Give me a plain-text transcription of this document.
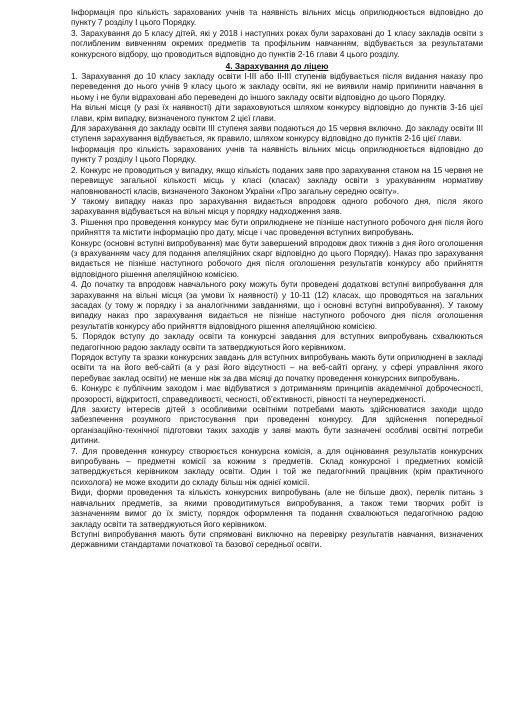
Інформація про кількість зарахованих учнів та наявність вільних місць оприлюднюється відповідно до пункту 7 розділу І цього Порядку.

3. Зарахування до 5 класу дітей, які у 2018 і наступних роках були зараховані до 1 класу закладів освіти з поглибленим вивченням окремих предметів та профільним навчанням, відбувається за результатами конкурсного відбору, що проводиться відповідно до пунктів 2-16 глави 4 цього розділу.

4. Зарахування до ліцею

1. Зарахування до 10 класу закладу освіти І-ІІІ або ІІ-ІІІ ступенів відбувається після видання наказу про переведення до нього учнів 9 класу цього ж закладу освіти, які не виявили намір припинити навчання в ньому і не були відраховані або переведені до іншого закладу освіти відповідно до цього Порядку.

На вільні місця (у разі їх наявності) діти зараховуються шляхом конкурсу відповідно до пунктів 3-16 цієї глави, крім випадку, визначеного пунктом 2 цієї глави.

Для зарахування до закладу освіти ІІІ ступеня заяви подаються до 15 червня включно. До закладу освіти ІІІ ступеня зарахування відбувається, як правило, шляхом конкурсу відповідно до пунктів 2-16 цієї глави.

Інформація про кількість зарахованих учнів та наявність вільних місць оприлюднюється відповідно до пункту 7 розділу І цього Порядку.

2. Конкурс не проводиться у випадку, якщо кількість поданих заяв про зарахування станом на 15 червня не перевищує загальної кількості місць у класі (класах) закладу освіти з урахуванням нормативу наповнюваності класів, визначеного Законом України «Про загальну середню освіту».

У такому випадку наказ про зарахування видається впродовж одного робочого дня, після якого зарахування відбувається на вільні місця у порядку надходження заяв.

3. Рішення про проведення конкурсу має бути оприлюднене не пізніше наступного робочого дня після його прийняття та містити інформацію про дату, місце і час проведення вступних випробувань.

Конкурс (основні вступні випробування) має бути завершений впродовж двох тижнів з дня його оголошення (з врахуванням часу для подання апеляційних скарг відповідно до цього Порядку). Наказ про зарахування видається не пізніше наступного робочого дня після оголошення результатів конкурсу або прийняття відповідного рішення апеляційною комісією.

4. До початку та впродовж навчального року можуть бути проведені додаткові вступні випробування для зарахування на вільні місця (за умови їх наявності) у 10-11 (12) класах, що проводяться на загальних засадах (у тому ж порядку і за аналогічними завданнями, що і основні вступні випробування). У такому випадку наказ про зарахування видається не пізніше наступного робочого дня після оголошення результатів конкурсу або прийняття відповідного рішення апеляційною комісією.

5. Порядок вступу до закладу освіти та конкурсні завдання для вступних випробувань схвалюються педагогічною радою закладу освіти та затверджуються його керівником.

Порядок вступу та зразки конкурсних завдань для вступних випробувань мають бути оприлюднені в закладі освіти та на його веб-сайті (а у разі його відсутності – на веб-сайті органу, у сфері управління якого перебуває заклад освіти) не менше ніж за два місяці до початку проведення конкурсних випробувань.

6. Конкурс є публічним заходом і має відбуватися з дотриманням принципів академічної доброчесності, прозорості, відкритості, справедливості, чесності, об’єктивності, рівності та неупередженості.

Для захисту інтересів дітей з особливими освітніми потребами мають здійснюватися заходи щодо забезпечення розумного пристосування при проведенні конкурсу. Для здійснення попередньої організаційно-технічної підготовки таких заходів у заяві мають бути зазначені особливі освітні потреби дитини.

7. Для проведення конкурсу створюється конкурсна комісія, а для оцінювання результатів конкурсних випробувань – предметні комісії за кожним з предметів. Склад конкурсної і предметних комісій затверджується керівником закладу освіти. Один і той же педагогічний працівник (крім практичного психолога) не може входити до складу більш ніж однієї комісії.

Види, форми проведення та кількість конкурсних випробувань (але не більше двох), перелік питань з навчальних предметів, за якими проводитимуться випробування, а також теми творчих робіт із зазначенням вимог до їх змісту, порядок оформлення та подання схвалюються педагогічною радою закладу освіти та затверджуються його керівником.

Вступні випробування мають бути спрямовані виключно на перевірку результатів навчання, визначених державними стандартами початкової та базової середньої освіти.
